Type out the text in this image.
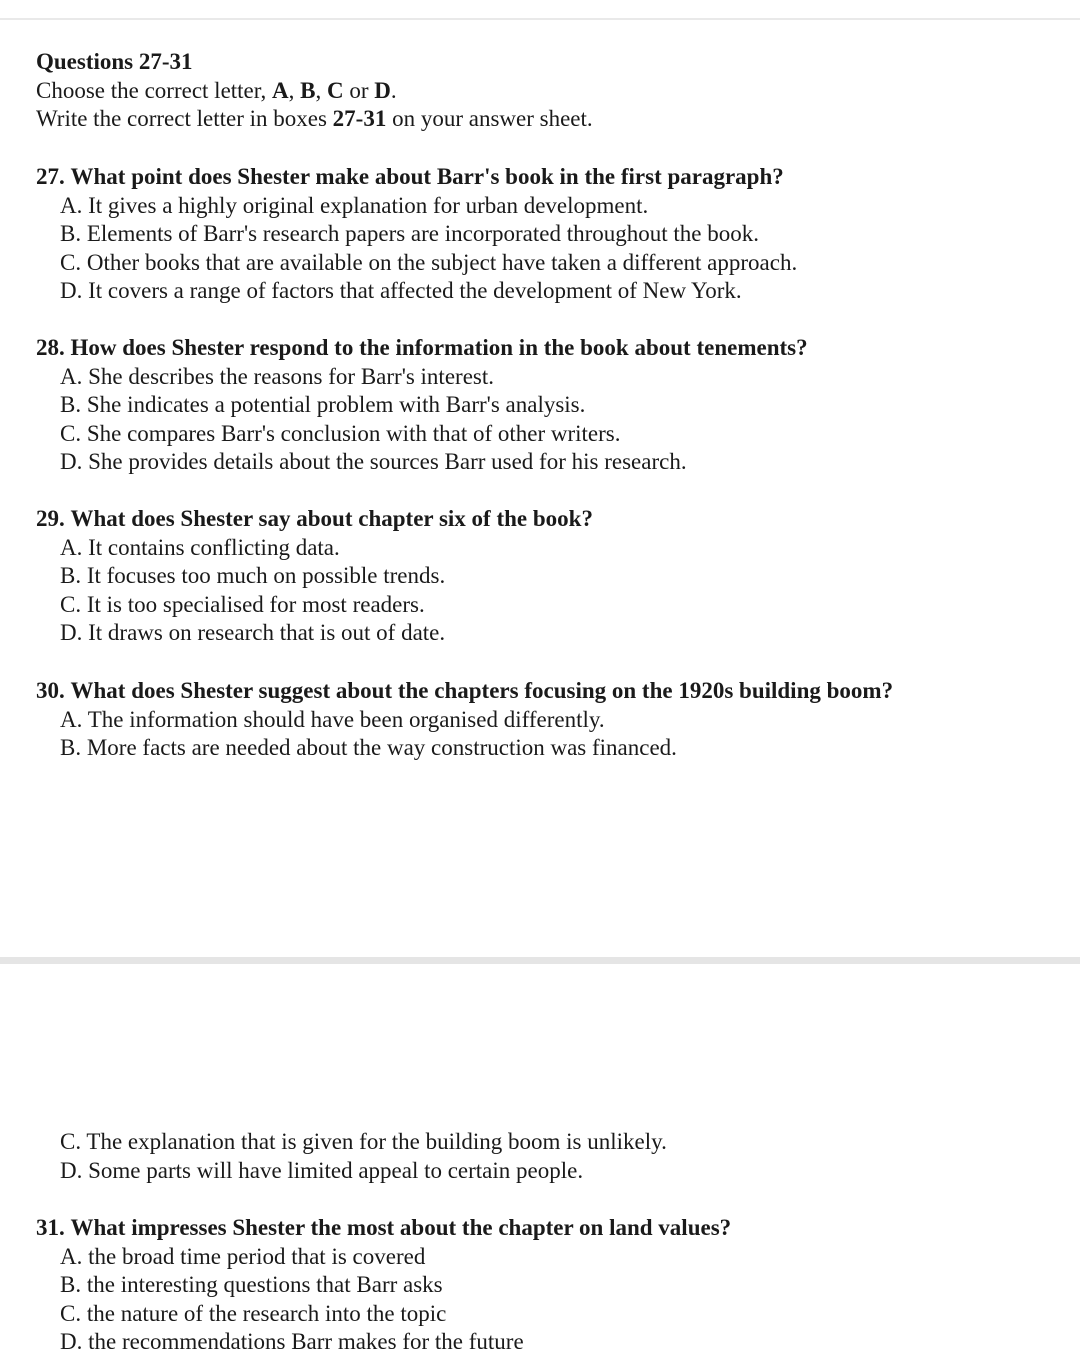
Questions 27-31
Choose the correct letter, A, B, C or D.
Write the correct letter in boxes 27-31 on your answer sheet.
27. What point does Shester make about Barr's book in the first paragraph?
A. It gives a highly original explanation for urban development.
B. Elements of Barr's research papers are incorporated throughout the book.
C. Other books that are available on the subject have taken a different approach.
D. It covers a range of factors that affected the development of New York.
28. How does Shester respond to the information in the book about tenements?
A. She describes the reasons for Barr's interest.
B. She indicates a potential problem with Barr's analysis.
C. She compares Barr's conclusion with that of other writers.
D. She provides details about the sources Barr used for his research.
29. What does Shester say about chapter six of the book?
A. It contains conflicting data.
B. It focuses too much on possible trends.
C. It is too specialised for most readers.
D. It draws on research that is out of date.
30. What does Shester suggest about the chapters focusing on the 1920s building boom?
A. The information should have been organised differently.
B. More facts are needed about the way construction was financed.
C. The explanation that is given for the building boom is unlikely.
D. Some parts will have limited appeal to certain people.
31. What impresses Shester the most about the chapter on land values?
A. the broad time period that is covered
B. the interesting questions that Barr asks
C. the nature of the research into the topic
D. the recommendations Barr makes for the future
